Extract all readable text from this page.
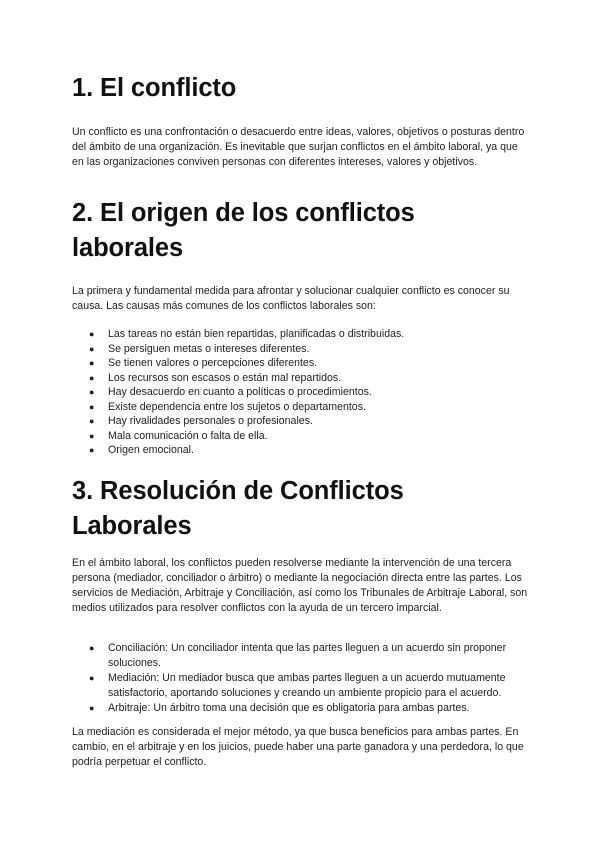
1. El conflicto

Un conflicto es una confrontación o desacuerdo entre ideas, valores, objetivos o posturas dentro del ámbito de una organización. Es inevitable que surjan conflictos en el ámbito laboral, ya que en las organizaciones conviven personas con diferentes intereses, valores y objetivos.

2. El origen de los conflictos laborales

La primera y fundamental medida para afrontar y solucionar cualquier conflicto es conocer su causa. Las causas más comunes de los conflictos laborales son:

● Las tareas no están bien repartidas, planificadas o distribuidas.
● Se persiguen metas o intereses diferentes.
● Se tienen valores o percepciones diferentes.
● Los recursos son escasos o están mal repartidos.
● Hay desacuerdo en cuanto a políticas o procedimientos.
● Existe dependencia entre los sujetos o departamentos.
● Hay rivalidades personales o profesionales.
● Mala comunicación o falta de ella.
● Origen emocional.
3. Resolución de Conflictos Laborales

En el ámbito laboral, los conflictos pueden resolverse mediante la intervención de una tercera persona (mediador, conciliador o árbitro) o mediante la negociación directa entre las partes. Los servicios de Mediación, Arbitraje y Conciliación, así como los Tribunales de Arbitraje Laboral, son medios utilizados para resolver conflictos con la ayuda de un tercero imparcial.

● Conciliación: Un conciliador intenta que las partes lleguen a un acuerdo sin proponer soluciones.
● Mediación: Un mediador busca que ambas partes lleguen a un acuerdo mutuamente satisfactorio, aportando soluciones y creando un ambiente propicio para el acuerdo.
● Arbitraje: Un árbitro toma una decisión que es obligatoria para ambas partes.

La mediación es considerada el mejor método, ya que busca beneficios para ambas partes. En cambio, en el arbitraje y en los juicios, puede haber una parte ganadora y una perdedora, lo que podría perpetuar el conflicto.
